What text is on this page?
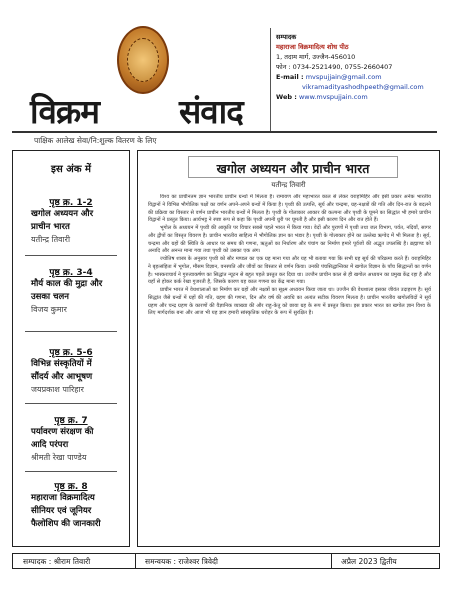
विक्रम संवाद
पाक्षिक आलेख सेवा/नि:शुल्क वितरण के लिए
सम्पादक
महाराजा विक्रमादित्य शोध पीठ
1, तदाम मार्ग, उज्जैन-456010
फोन : 0734-2521490, 0755-2660407
E-mail : mvspujjain@gmail.com
vikramadityashodhpeeth@gmail.com
Web : www.mvspujjain.com
इस अंक में
पृष्ठ क्र. 1-2
खगोल अध्ययन और
प्राचीन भारत
यतीन्द्र तिवारी
पृष्ठ क्र. 3-4
मौर्य काल की मुद्रा और
उसका चलन
विजय कुमार
पृष्ठ क्र. 5-6
विभिन्न संस्कृतियों में
सौंदर्य और आभूषण
जयप्रकाश पारिहार
पृष्ठ क्र. 7
पर्यावरण संरक्षण की
आदि परंपरा
श्रीमती रेखा पाण्डेय
पृष्ठ क्र. 8
महाराजा विक्रमादित्य
सीनियर एवं जूनियर
फैलोशिप की जानकारी
खगोल अध्ययन और प्राचीन भारत
यतीन्द्र तिवारी

विश्व का प्राचीनतम ज्ञान भारतीय प्राचीन ग्रन्थों में मिलता है। रामायण और महाभारत काल से लेकर वराहमिहिर और इसी प्रकार अनेक भारतीय विद्वानों ने विभिन्न भौगोलिक पक्षों का वर्णन अपने-अपने ग्रन्थों में किया है। पृथ्वी की उत्पत्ति, सूर्य और चन्द्रमा, ग्रह-नक्षत्रों की गति और दिन-रात के बदलने की प्रक्रिया का विस्तार से वर्णन प्राचीन भारतीय ग्रन्थों में मिलता है। पृथ्वी के गोलाकार आकार की कल्पना और पृथ्वी के घूमने का सिद्धांत भी हमारे प्राचीन विद्वानों ने प्रस्तुत किया। आर्यभट्ट ने स्पष्ट रूप से कहा कि पृथ्वी अपनी धुरी पर घूमती है और इसी कारण दिन और रात होते हैं।

भूगोल के अध्ययन में पृथ्वी की आकृति पर विचार सबसे पहले भारत में किया गया। वेदों और पुराणों में पृथ्वी तथा जल विभाग, पर्वत, नदियाँ, सागर और द्वीपों का विस्तृत विवरण है। प्राचीन भारतीय साहित्य में भौगोलिक ज्ञान का भंडार है। पृथ्वी के गोलाकार होने का उल्लेख ऋग्वेद में भी मिलता है। सूर्य, चन्द्रमा और ग्रहों की स्थिति के आधार पर समय की गणना, ऋतुओं का निर्धारण और पंचांग का निर्माण हमारे पूर्वजों की अद्भुत उपलब्धि है। ब्रह्माण्ड को अनादि और अनन्त माना गया तथा पृथ्वी को उसका एक अंग।

ज्योतिष शास्त्र के अनुसार पृथ्वी को सौर मण्डल का एक ग्रह माना गया और यह भी बताया गया कि सभी ग्रह सूर्य की परिक्रमा करते हैं। वराहमिहिर ने बृहत्संहिता में भूगोल, मौसम विज्ञान, वनस्पति और जीवों का विस्तार से वर्णन किया। उनकी पंचसिद्धान्तिका में खगोल विज्ञान के पाँच सिद्धान्तों का वर्णन है। भास्कराचार्य ने गुरुत्वाकर्षण का सिद्धांत न्यूटन से बहुत पहले प्रस्तुत कर दिया था। उज्जैन प्राचीन काल से ही खगोल अध्ययन का प्रमुख केंद्र रहा है और यहाँ से होकर कर्क रेखा गुजरती है, जिसके कारण यह काल गणना का केंद्र माना गया।

प्राचीन भारत में वेधशालाओं का निर्माण कर ग्रहों और नक्षत्रों का सूक्ष्म अध्ययन किया जाता था। उज्जैन की वेधशाला इसका जीवंत उदाहरण है। सूर्य सिद्धांत जैसे ग्रन्थों में ग्रहों की गति, ग्रहण की गणना, दिन और वर्ष की अवधि का अत्यंत सटीक विवरण मिलता है। प्राचीन भारतीय खगोलविदों ने सूर्य ग्रहण और चन्द्र ग्रहण के कारणों की वैज्ञानिक व्याख्या की और राहु-केतु को छाया ग्रह के रूप में प्रस्तुत किया। इस प्रकार भारत का खगोल ज्ञान विश्व के लिए मार्गदर्शक बना और आज भी यह ज्ञान हमारी सांस्कृतिक धरोहर के रूप में सुरक्षित है।

सम्पादक : श्रीराम तिवारी	समन्वयक : राजेश्वर त्रिवेदी	अप्रैल 2023 द्वितीय
